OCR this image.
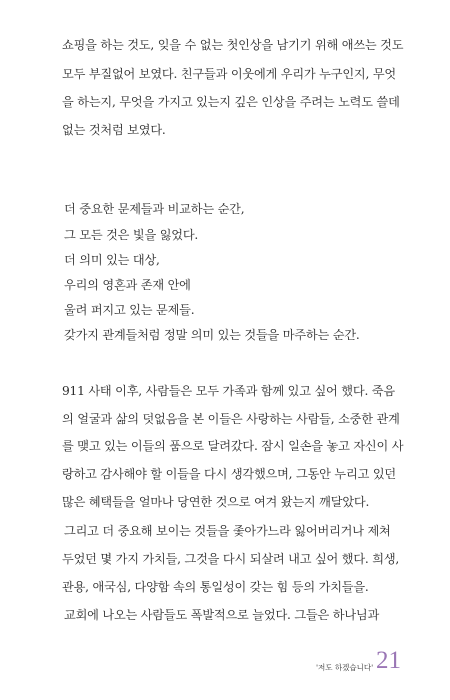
쇼핑을 하는 것도, 잊을 수 없는 첫인상을 남기기 위해 애쓰는 것도
모두 부질없어 보였다. 친구들과 이웃에게 우리가 누구인지, 무엇
을 하는지, 무엇을 가지고 있는지 깊은 인상을 주려는 노력도 쓸데
없는 것처럼 보였다.
더 중요한 문제들과 비교하는 순간,
그 모든 것은 빛을 잃었다.
더 의미 있는 대상,
우리의 영혼과 존재 안에
울려 퍼지고 있는 문제들.
갖가지 관계들처럼 정말 의미 있는 것들을 마주하는 순간.
911 사태 이후, 사람들은 모두 가족과 함께 있고 싶어 했다. 죽음
의 얼굴과 삶의 덧없음을 본 이들은 사랑하는 사람들, 소중한 관계
를 맺고 있는 이들의 품으로 달려갔다. 잠시 일손을 놓고 자신이 사
랑하고 감사해야 할 이들을 다시 생각했으며, 그동안 누리고 있던
많은 혜택들을 얼마나 당연한 것으로 여겨 왔는지 깨달았다.
그리고 더 중요해 보이는 것들을 좇아가느라 잃어버리거나 제쳐
두었던 몇 가지 가치들, 그것을 다시 되살려 내고 싶어 했다. 희생,
관용, 애국심, 다양함 속의 통일성이 갖는 힘 등의 가치들을.
교회에 나오는 사람들도 폭발적으로 늘었다. 그들은 하나님과
'저도 하겠습니다' 21
